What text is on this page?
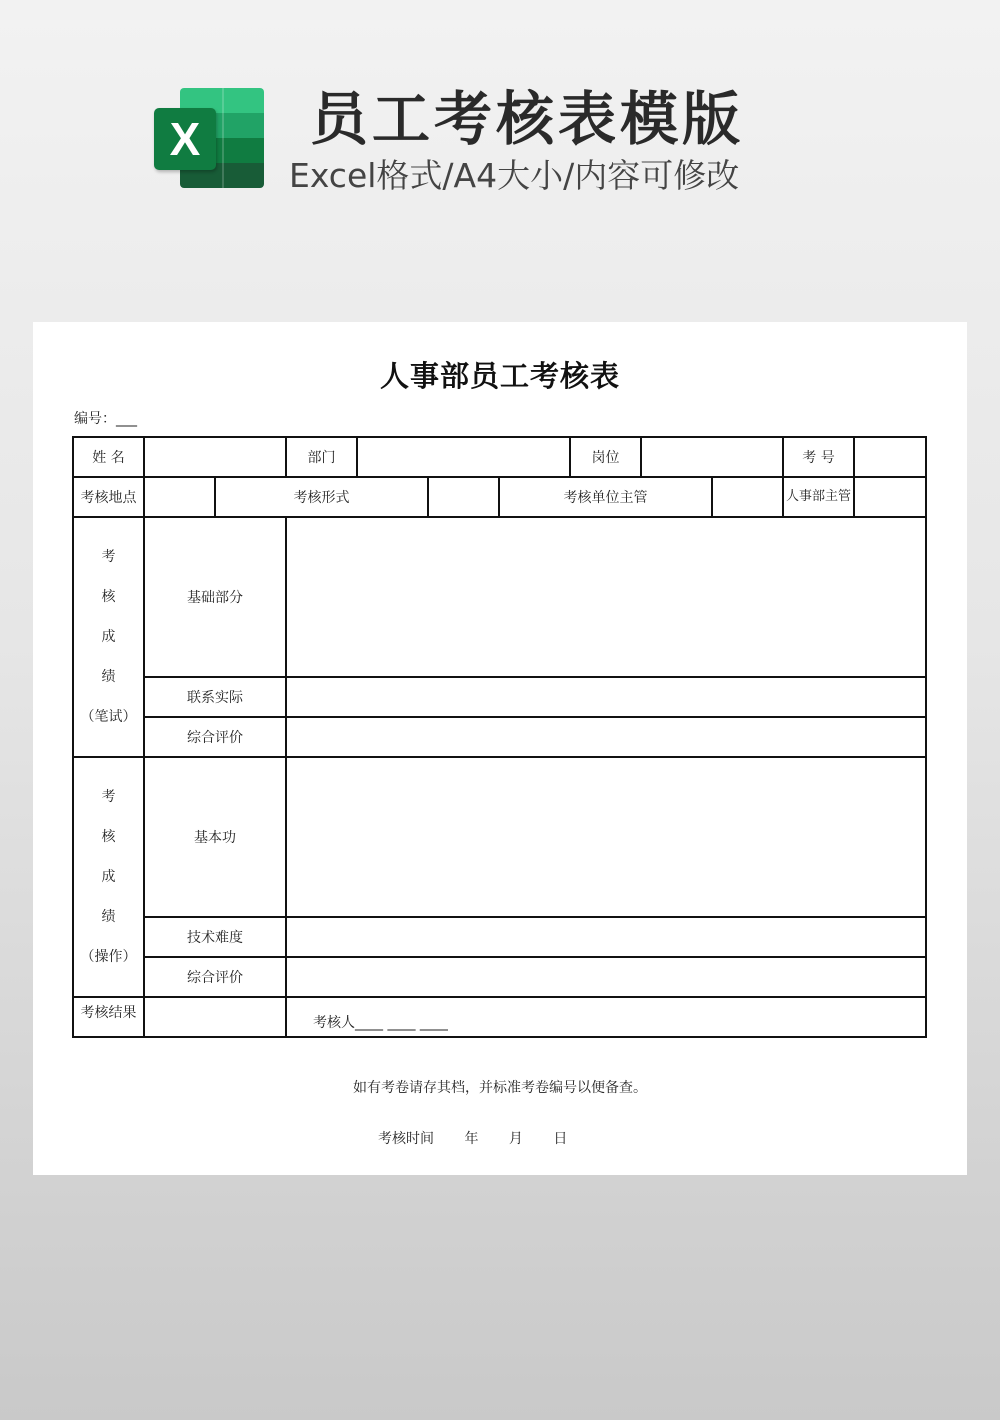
X 员工考核表模版
Excel格式/A4大小/内容可修改
人事部员工考核表
编号：___
姓 名			部门				岗位			考 号	
考核地点		考核形式				考核单位主管				人事部主管	

考
核
成
绩
（笔试）	基础部分										
	联系实际										
	综合评价										

考
核
成
绩
（操作）	基本功										
	技术难度										
	综合评价										
考核结果			考核人____ ____ ____								
如有考卷请存其档，并标准考卷编号以便备查。
考核时间 年 月 日
